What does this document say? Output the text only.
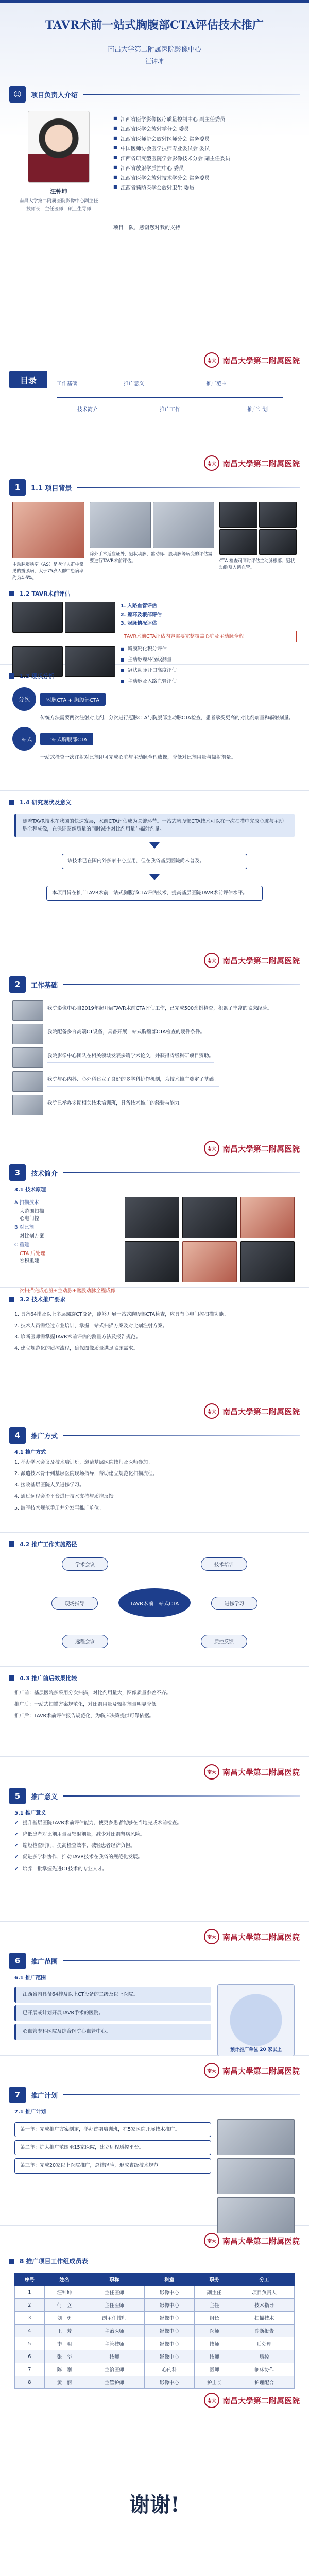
TAVR术前一站式胸腹部CTA评估技术推广
南昌大学第二附属医院影像中心
汪钟坤
☺	项目负责人介绍
汪钟坤
南昌大学第二附属医院影像中心副主任
技师长，主任医师，硕士生导师
■ 江西省医学影像医疗质量控制中心 副主任委员
■ 江西省医学会放射学分会 委员
■ 江西省医师协会放射医师分会 常务委员
■ 中国医师协会医学技师专业委员会 委员
■ 江西省研究型医院学会影像技术分会 副主任委员
■ 江西省放射学质控中心 委员
■ 江西省医学会放射技术学分会 常务委员
■ 江西省预防医学会放射卫生 委员
项目一队，感谢您对我的支持
南大 南昌大學第二附属医院
目录	工作基础
技术简介
推广意义
推广工作
推广范围
推广计划
南大 南昌大學第二附属医院
1	1.1 项目背景
主动脉瓣狭窄（AS）是老年人群中常见的瓣膜病，大于75岁人群中患病率约为4.6%。
除外手术适应证外，冠状动脉、髂动脉、股动脉等病变的评估需要进行TAVR术前评估。	CTA 检查可同时评估主动脉根部、冠状动脉及入路血管。
1.2 TAVR术前评估
1. 入路血管评估
2. 瓣环及根部评估
3. 冠脉情况评估
TAVR术前CTA评估内容需要完整覆盖心脏及主动脉全程
■ 瓣膜钙化积分评估
■ 主动脉瓣环径线测量
■ 冠状动脉开口高度评估
■ 主动脉及入路血管评估
1.3 现状分析
分次	冠脉CTA + 胸腹部CTA
传统方法需要两次注射对比剂，分次进行冠脉CTA与胸腹部主动脉CTA检查，患者承受更高的对比剂剂量和辐射剂量。
一站式	一站式胸腹部CTA
一站式检查一次注射对比剂即可完成心脏与主动脉全程成像，降低对比剂用量与辐射剂量。
1.4 研究现状及意义
随着TAVR技术在我国的快速发展，术前CTA评估成为关键环节。一站式胸腹部CTA技术可以在一次扫描中完成心脏与主动脉全程成像，在保证图像质量的同时减少对比剂用量与辐射剂量。
该技术已在国内外多家中心应用，但在我省基层医院尚未普及。
本项目旨在推广TAVR术前一站式胸腹部CTA评估技术，提高基层医院TAVR术前评估水平。
南大 南昌大學第二附属医院
2	工作基础
我院影像中心自2019年起开展TAVR术前CTA评估工作，已完成500余例检查，积累了丰富的临床经验。
我院配备多台高端CT设备，具备开展一站式胸腹部CTA检查的硬件条件。
我院影像中心团队在相关领域发表多篇学术论文，并获得省级科研项目资助。
我院与心内科、心外科建立了良好的多学科协作机制，为技术推广奠定了基础。
我院已举办多期相关技术培训班，具备技术推广的经验与能力。
南大 南昌大學第二附属医院
3	技术简介
3.1 技术原理
A 扫描技术
大范围扫描
心电门控
B 对比剂
对比剂方案
C 重建
CTA 后处理
容积重建
一次扫描完成心脏+主动脉+髂股动脉全程成像
3.2 技术推广要求
1. 具备64排及以上多层螺旋CT设备，能够开展一站式胸腹部CTA检查，应具有心电门控扫描功能。
2. 技术人员需经过专业培训，掌握一站式扫描方案及对比剂注射方案。
3. 诊断医师需掌握TAVR术前评估的测量方法及报告规范。
4. 建立规范化的质控流程，确保图像质量满足临床需求。
南大 南昌大學第二附属医院
4	推广方式
4.1 推广方式
1. 举办学术会议及技术培训班，邀请基层医院技师及医师参加。
2. 派遣技术骨干到基层医院现场指导，帮助建立规范化扫描流程。
3. 接收基层医院人员进修学习。
4. 通过远程会诊平台进行技术支持与质控反馈。
5. 编写技术规范手册并分发至推广单位。
4.2 推广工作实施路径
TAVR术前一站式CTA
学术会议	技术培训
现场指导	进修学习
远程会诊	质控反馈
4.3 推广前后效果比较
推广前：基层医院多采用分次扫描，对比剂用量大，图像质量参差不齐。
推广后：一站式扫描方案规范化，对比剂用量及辐射剂量明显降低。
推广后：TAVR术前评估报告规范化，为临床决策提供可靠依据。
南大 南昌大學第二附属医院
5	推广意义
5.1 推广意义
✔ 提升基层医院TAVR术前评估能力，使更多患者能够在当地完成术前检查。
✔ 降低患者对比剂用量及辐射剂量，减少对比剂肾病风险。
✔ 缩短检查时间，提高检查效率，减轻患者经济负担。
✔ 促进多学科协作，推动TAVR技术在我省的规范化发展。
✔ 培养一批掌握先进CT技术的专业人才。
南大 南昌大學第二附属医院
6	推广范围
6.1 推广范围
江西省内具备64排及以上CT设备的二级及以上医院。
已开展或计划开展TAVR手术的医院。
心血管专科医院及综合医院心血管中心。
预计推广单位 20 家以上
南大 南昌大學第二附属医院
7	推广计划
7.1 推广计划
第一年：完成推广方案制定，举办首期培训班，在5家医院开展技术推广。
第二年：扩大推广范围至15家医院，建立远程质控平台。
第三年：完成20家以上医院推广，总结经验，形成省级技术规范。
南大 南昌大學第二附属医院
8 推广项目工作组成员表
序号	姓名	职称	科室	职务	分工
1	汪钟坤	主任医师	影像中心	副主任	项目负责人
2	何　立	主任医师	影像中心	主任	技术指导
3	刘　勇	副主任技师	影像中心	组长	扫描技术
4	王　芳	主治医师	影像中心	医师	诊断报告
5	李　明	主管技师	影像中心	技师	后处理
6	张　华	技师	影像中心	技师	质控
7	陈　刚	主治医师	心内科	医师	临床协作
8	黄　丽	主管护师	影像中心	护士长	护理配合
南大 南昌大學第二附属医院
谢谢!
